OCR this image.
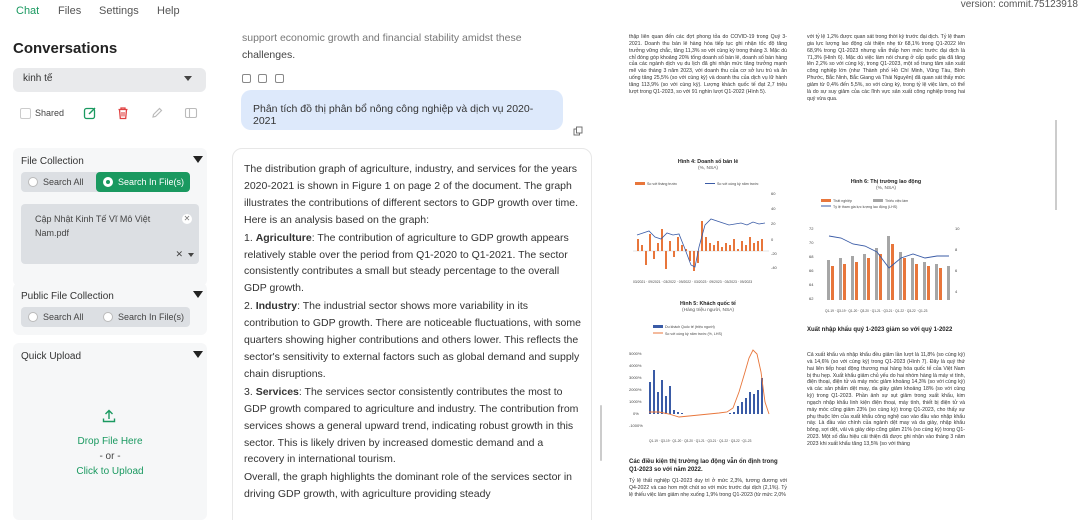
Chat Files Settings Help
version: commit.75123918
Conversations
kinh tế
Shared
File Collection
Search All	Search In File(s)
Cập Nhật Kinh Tế Vĩ Mô Việt Nam.pdf
✕
✕
Public File Collection
Search All	Search In File(s)
Quick Upload
Drop File Here
- or -
Click to Upload
support economic growth and financial stability amidst these
challenges.

Phân tích đồ thị phân bổ nông công nghiệp và dịch vụ 2020-2021

The distribution graph of agriculture, industry, and services for the years 2020-2021 is shown in Figure 1 on page 2 of the document. The graph illustrates the contributions of different sectors to GDP growth over time. Here is an analysis based on the graph:

1. Agriculture: The contribution of agriculture to GDP growth appears relatively stable over the period from Q1-2020 to Q1-2021. The sector consistently contributes a small but steady percentage to the overall GDP growth.

2. Industry: The industrial sector shows more variability in its contribution to GDP growth. There are noticeable fluctuations, with some quarters showing higher contributions and others lower. This reflects the sector's sensitivity to external factors such as global demand and supply chain disruptions.

3. Services: The services sector consistently contributes the most to GDP growth compared to agriculture and industry. The contribution from services shows a general upward trend, indicating robust growth in this sector. This is likely driven by increased domestic demand and a recovery in international tourism.

Overall, the graph highlights the dominant role of the services sector in driving GDP growth, with agriculture providing steady

thập liên quan đến các đợt phong tỏa do COVID-19 trong Quý 3-2021. Doanh thu bán lẻ hàng hóa tiếp tục ghi nhận tốc độ tăng trưởng vững chắc, tăng 11,3% so với cùng kỳ trong tháng 3. Mặc dù chỉ đóng góp khoảng 20% tổng doanh số bán lẻ, doanh số bán hàng của các ngành dịch vụ du lịch đã ghi nhận mức tăng trưởng mạnh mẽ vào tháng 3 năm 2023, với doanh thu của cơ sở lưu trú và ăn uống tăng 25,5% (so với cùng kỳ) và doanh thu của dịch vụ lữ hành tăng 113,9% (so với cùng kỳ). Lượng khách quốc tế đạt 2,7 triệu lượt trong Q1-2023, so với 91 nghìn lượt Q1-2022 (Hình 5).
Hình 4: Doanh số bán lẻ
(%, NSA)
So với tháng trước	So với cùng kỳ năm trước
60
40
20
0
-20
-40
03/2021 · 09/2021 · 03/2022 · 09/2022 · 03/2023 · 09/2023 · 03/2023 · 09/2023
Hình 5: Khách quốc tế
(Hàng triệu người, NSA)
Du khách Quốc tế (triệu người)
So với cùng kỳ năm trước (%, LHS)
5000%
4000%
3000%
2000%
1000%
0%
-1000%
Q1-19 · Q3-19 · Q1-20 · Q3-20 · Q1-21 · Q3-21 · Q1-22 · Q3-22 · Q1-23
Các điều kiện thị trường lao động vẫn ổn định trong Q1-2023 so với năm 2022.
Tỷ lệ thất nghiệp Q1-2023 duy trì ở mức 2,3%, tương đương với Q4-2022 và cao hơn một chút so với mức trước đại dịch (2,1%). Tỷ lệ thiếu việc làm giảm nhẹ xuống 1,9% trong Q1-2023 (từ mức 2,0%
với tỷ lệ 1,2% được quan sát trong thời kỳ trước đại dịch. Tỷ lệ tham gia lực lượng lao động cải thiện nhẹ từ 68,1% trong Q1-2022 lên 68,9% trong Q1-2023 nhưng vẫn thấp hơn mức trước đại dịch là 71,3% (Hình 6). Mặc dù việc làm nói chung ở cấp quốc gia đã tăng lên 2,2% so với cùng kỳ, trong Q1-2023, một số trung tâm sản xuất công nghiệp lớn (như Thành phố Hồ Chí Minh, Vũng Tàu, Bình Phước, Bắc Ninh, Bắc Giang và Thái Nguyên) đã quan sát thấy mức giảm từ 0,4% đến 5,5%, so với cùng kỳ, trong tỷ lệ việc làm, có thể là do sự suy giảm của các lĩnh vực sản xuất công nghiệp trong hai quý vừa qua.
Hình 6: Thị trường lao động
(%, NSA)
Thất nghiệp	Thiếu việc làm
Tỷ lệ tham gia lực lượng lao động (LHS)
72
70
68
66
64
62
10
8
6
4
Q1-19 · Q3-19 · Q1-20 · Q3-20 · Q1-21 · Q3-21 · Q1-22 · Q3-22 · Q1-23
Xuất nhập khẩu quý 1-2023 giảm so với quý 1-2022
Cả xuất khẩu và nhập khẩu đều giảm lần lượt là 11,8% (so cùng kỳ) và 14,6% (so với cùng kỳ) trong Q1-2023 (Hình 7). Đây là quý thứ hai liên tiếp hoạt động thương mại hàng hóa quốc tế của Việt Nam bị thu hẹp. Xuất khẩu giảm chủ yếu do hai nhóm hàng là máy vi tính, điện thoại, điện tử và máy móc giảm khoảng 14,3% (so với cùng kỳ) và các sản phẩm dệt may, da giày giảm khoảng 18% (so với cùng kỳ) trong Q1-2023. Phần ảnh sự sụt giảm trong xuất khẩu, kim ngạch nhập khẩu linh kiện điện thoại, máy tính, thiết bị điện tử và máy móc cũng giảm 23% (so cùng kỳ) trong Q1-2023, cho thấy sự phụ thuộc lớn của xuất khẩu công nghệ cao vào đầu vào nhập khẩu này. Là đầu vào chính của ngành dệt may và da giày, nhập khẩu bông, sợi dệt, vải và giày dép cũng giảm 21% (so cùng kỳ) trong Q1-2023. Một số đầu hiệu cải thiện đã được ghi nhận vào tháng 3 năm 2023 khi xuất khẩu tăng 13,5% (so với tháng
